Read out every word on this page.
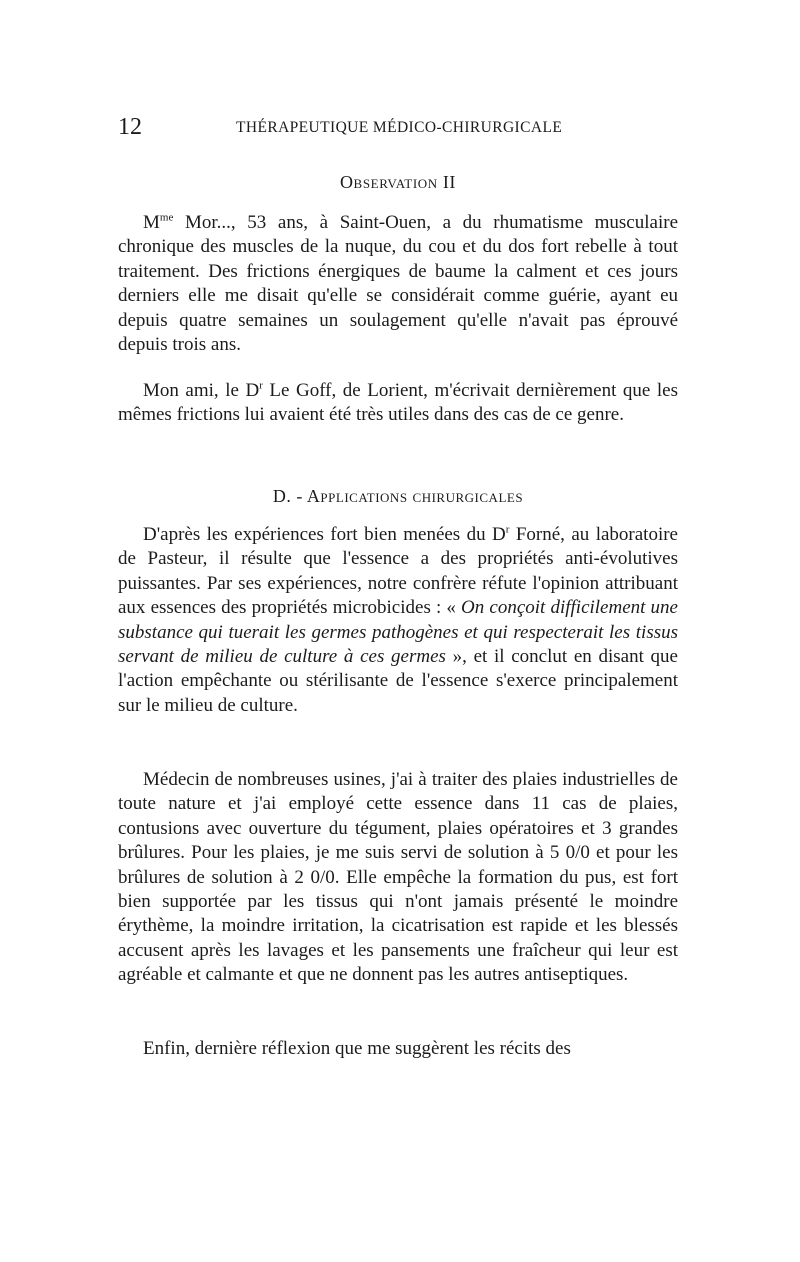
12	THÉRAPEUTIQUE MÉDICO-CHIRURGICALE
Observation II

$M^{me}$ Mor..., 53 ans, à Saint-Ouen, a du rhumatisme musculaire chronique des muscles de la nuque, du cou et du dos fort rebelle à tout traitement. Des frictions énergiques de baume la calment et ces jours derniers elle me disait qu'elle se considérait comme guérie, ayant eu depuis quatre semaines un soulagement qu'elle n'avait pas éprouvé depuis trois ans.

Mon ami, le $D^r$ Le Goff, de Lorient, m'écrivait dernièrement que les mêmes frictions lui avaient été très utiles dans des cas de ce genre.

D. - Applications chirurgicales

D'après les expériences fort bien menées du $D^r$ Forné, au laboratoire de Pasteur, il résulte que l'essence a des propriétés anti-évolutives puissantes. Par ses expériences, notre confrère réfute l'opinion attribuant aux essences des propriétés microbicides : « On conçoit difficilement une substance qui tuerait les germes pathogènes et qui respecterait les tissus servant de milieu de culture à ces germes », et il conclut en disant que l'action empêchante ou stérilisante de l'essence s'exerce principalement sur le milieu de culture.

Médecin de nombreuses usines, j'ai à traiter des plaies industrielles de toute nature et j'ai employé cette essence dans 11 cas de plaies, contusions avec ouverture du tégument, plaies opératoires et 3 grandes brûlures. Pour les plaies, je me suis servi de solution à 5 0/0 et pour les brûlures de solution à 2 0/0. Elle empêche la formation du pus, est fort bien supportée par les tissus qui n'ont jamais présenté le moindre érythème, la moindre irritation, la cicatrisation est rapide et les blessés accusent après les lavages et les pansements une fraîcheur qui leur est agréable et calmante et que ne donnent pas les autres antiseptiques.

Enfin, dernière réflexion que me suggèrent les récits des
